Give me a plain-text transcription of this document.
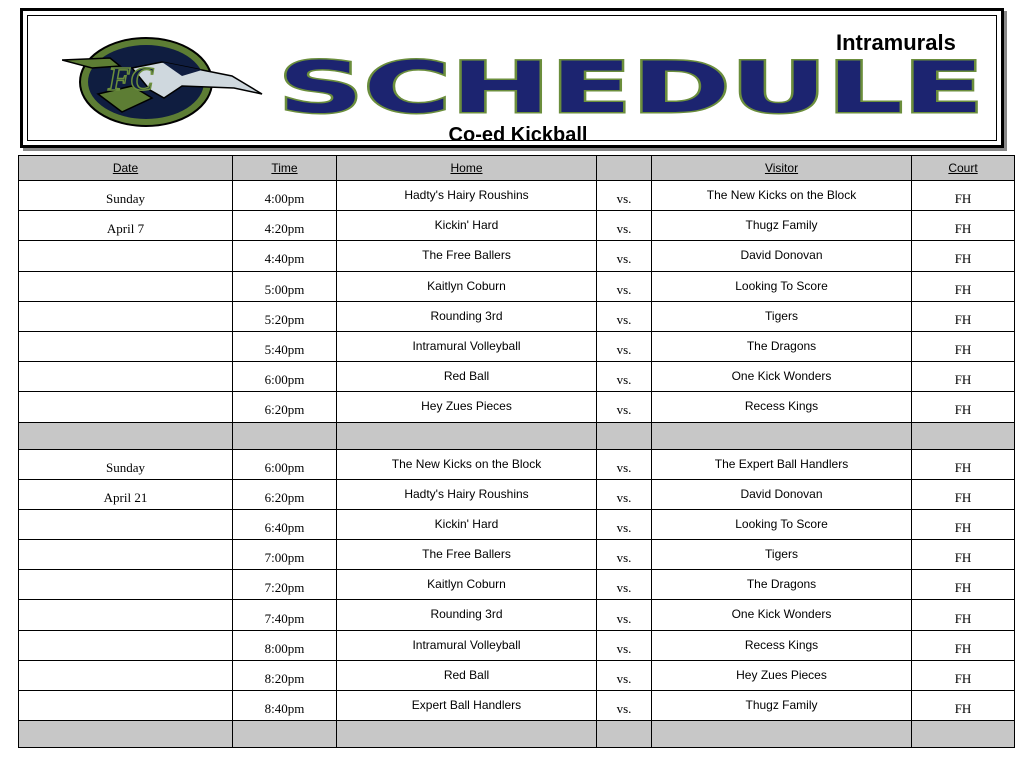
FC
Intramurals
SCHEDULE
Co-ed Kickball
Date	Time	Home		Visitor	Court
Sunday	4:00pm	Hadty's Hairy Roushins	vs.	The New Kicks on the Block	FH
April 7	4:20pm	Kickin' Hard	vs.	Thugz Family	FH
	4:40pm	The Free Ballers	vs.	David Donovan	FH
	5:00pm	Kaitlyn Coburn	vs.	Looking To Score	FH
	5:20pm	Rounding 3rd	vs.	Tigers	FH
	5:40pm	Intramural Volleyball	vs.	The Dragons	FH
	6:00pm	Red Ball	vs.	One Kick Wonders	FH
	6:20pm	Hey Zues Pieces	vs.	Recess Kings	FH

Sunday	6:00pm	The New Kicks on the Block	vs.	The Expert Ball Handlers	FH
April 21	6:20pm	Hadty's Hairy Roushins	vs.	David Donovan	FH
	6:40pm	Kickin' Hard	vs.	Looking To Score	FH
	7:00pm	The Free Ballers	vs.	Tigers	FH
	7:20pm	Kaitlyn Coburn	vs.	The Dragons	FH
	7:40pm	Rounding 3rd	vs.	One Kick Wonders	FH
	8:00pm	Intramural Volleyball	vs.	Recess Kings	FH
	8:20pm	Red Ball	vs.	Hey Zues Pieces	FH
	8:40pm	Expert Ball Handlers	vs.	Thugz Family	FH
